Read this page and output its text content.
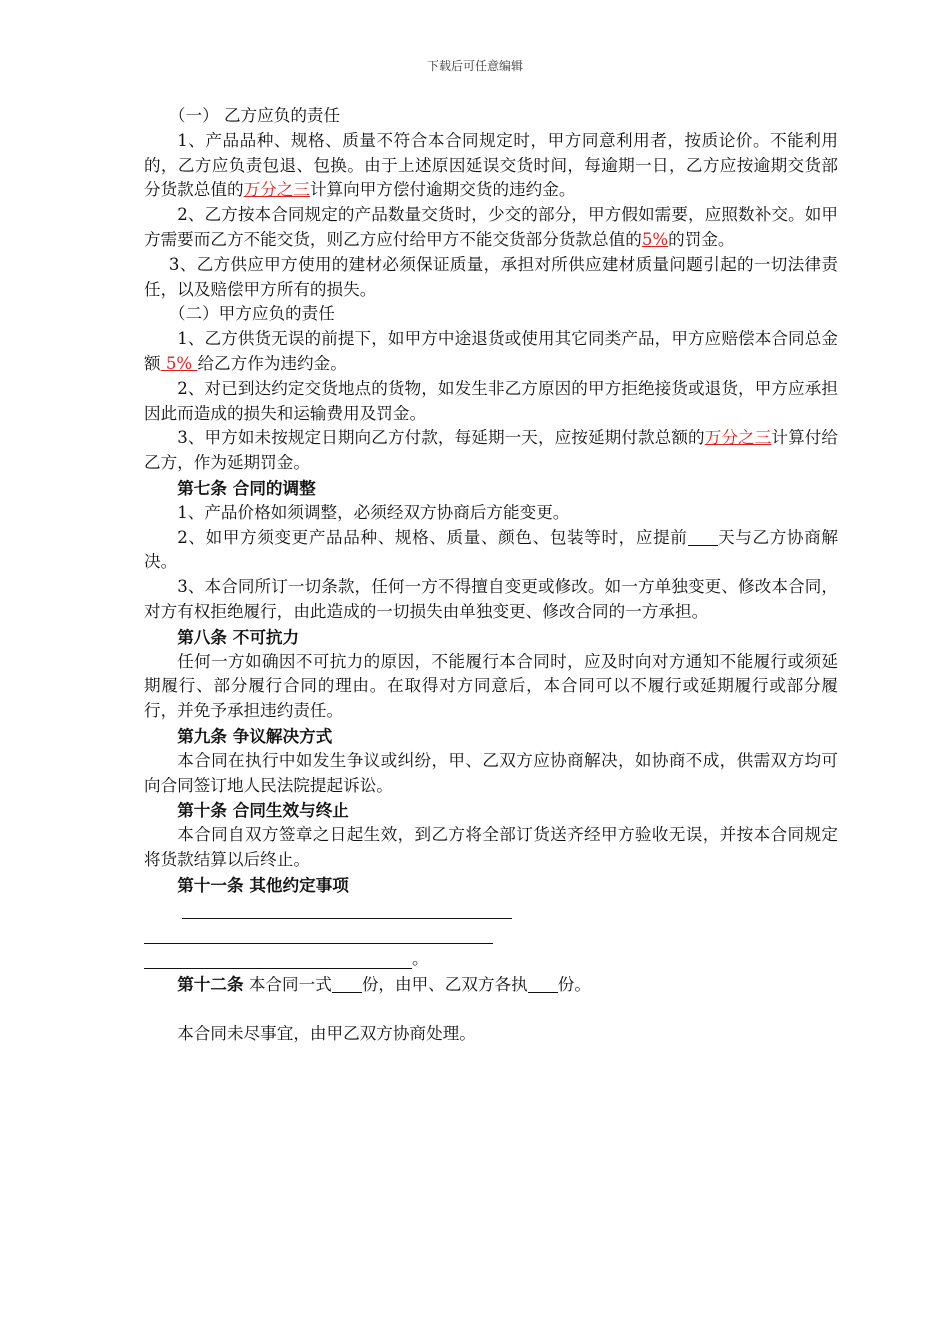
下载后可任意编辑

（一） 乙方应负的责任

1、产品品种、规格、质量不符合本合同规定时，甲方同意利用者，按质论价。不能利用的，乙方应负责包退、包换。由于上述原因延误交货时间，每逾期一日，乙方应按逾期交货部分货款总值的万分之三计算向甲方偿付逾期交货的违约金。

2、乙方按本合同规定的产品数量交货时，少交的部分，甲方假如需要，应照数补交。如甲方需要而乙方不能交货，则乙方应付给甲方不能交货部分货款总值的5%的罚金。

3、乙方供应甲方使用的建材必须保证质量，承担对所供应建材质量问题引起的一切法律责任，以及赔偿甲方所有的损失。

（二）甲方应负的责任

1、乙方供货无误的前提下，如甲方中途退货或使用其它同类产品，甲方应赔偿本合同总金额 5% 给乙方作为违约金。

2、对已到达约定交货地点的货物，如发生非乙方原因的甲方拒绝接货或退货，甲方应承担因此而造成的损失和运输费用及罚金。

3、甲方如未按规定日期向乙方付款，每延期一天，应按延期付款总额的万分之三计算付给乙方，作为延期罚金。

第七条 合同的调整

1、产品价格如须调整，必须经双方协商后方能变更。

2、如甲方须变更产品品种、规格、质量、颜色、包装等时，应提前 天与乙方协商解决。

3、本合同所订一切条款，任何一方不得擅自变更或修改。如一方单独变更、修改本合同，对方有权拒绝履行，由此造成的一切损失由单独变更、修改合同的一方承担。

第八条 不可抗力

任何一方如确因不可抗力的原因，不能履行本合同时，应及时向对方通知不能履行或须延期履行、部分履行合同的理由。在取得对方同意后，本合同可以不履行或延期履行或部分履行，并免予承担违约责任。

第九条 争议解决方式

本合同在执行中如发生争议或纠纷，甲、乙双方应协商解决，如协商不成，供需双方均可向合同签订地人民法院提起诉讼。

第十条 合同生效与终止

本合同自双方签章之日起生效，到乙方将全部订货送齐经甲方验收无误，并按本合同规定将货款结算以后终止。

第十一条 其他约定事项

。

第十二条 本合同一式 份，由甲、乙双方各执 份。

本合同未尽事宜，由甲乙双方协商处理。
